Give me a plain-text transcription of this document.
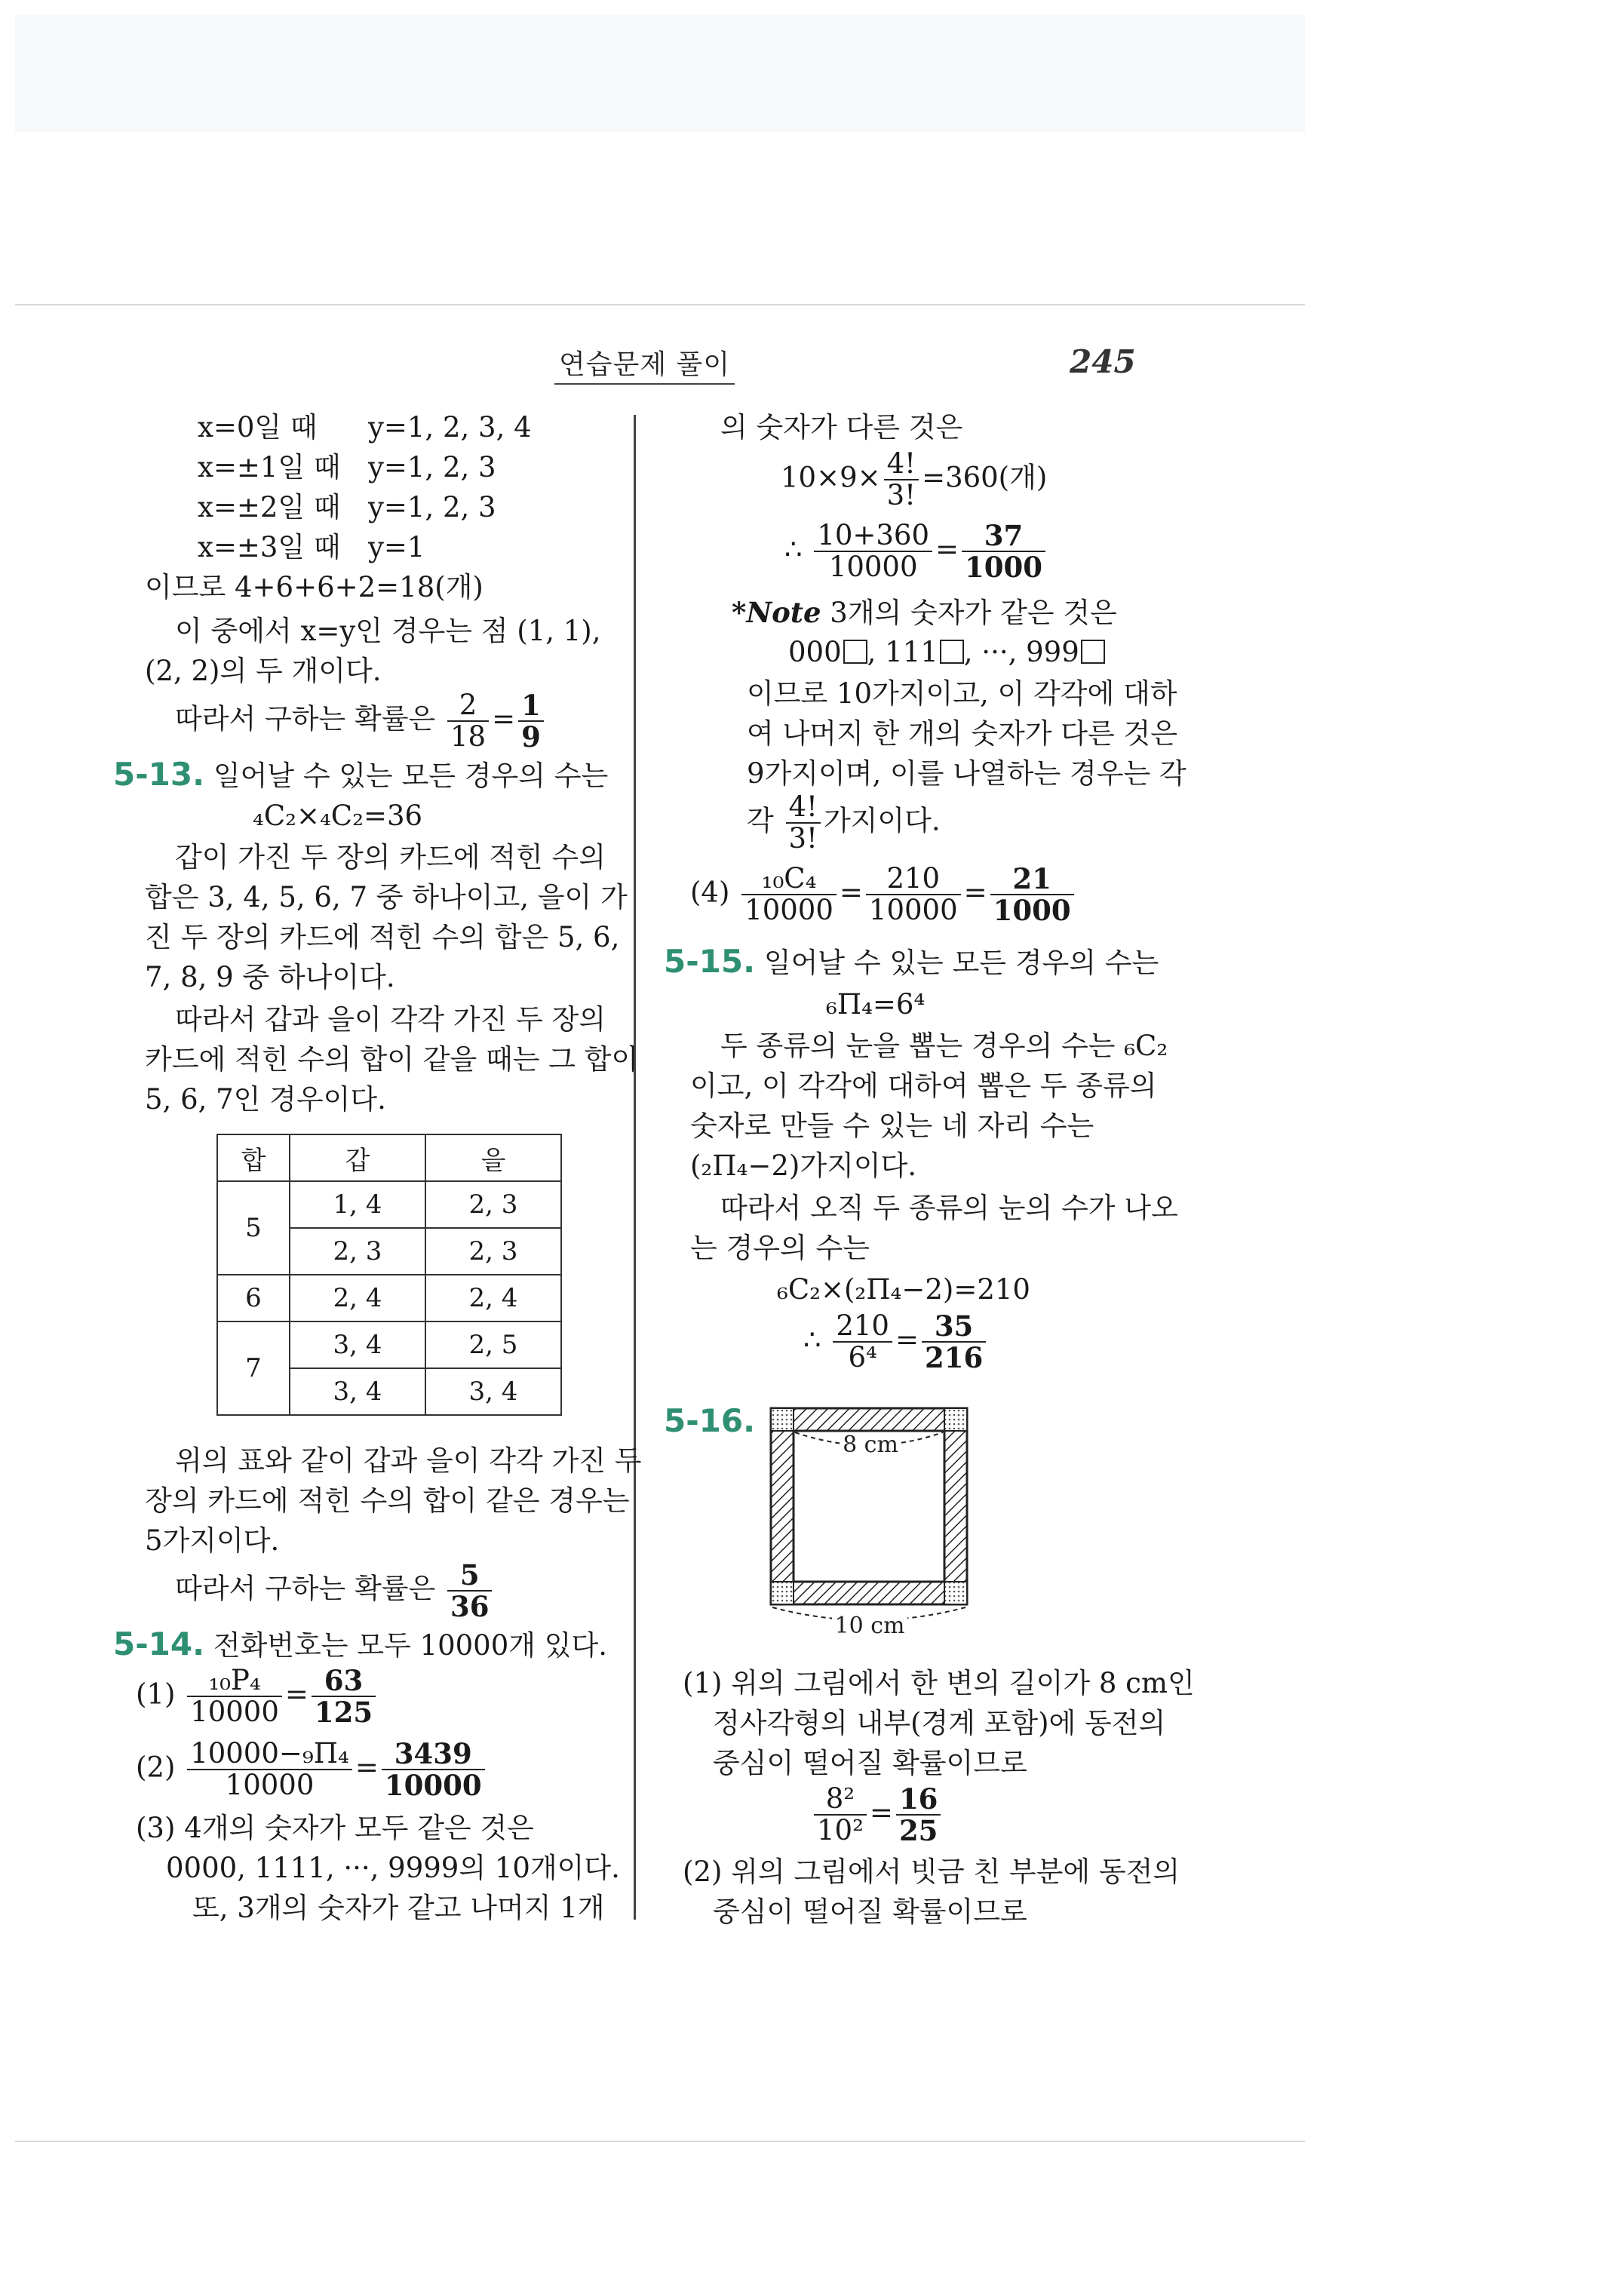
연습문제 풀이	245
x=0일 때 y=1, 2, 3, 4
x=±1일 때 y=1, 2, 3
x=±2일 때 y=1, 2, 3
x=±3일 때 y=1
이므로 4+6+6+2=18(개)
이 중에서 x=y인 경우는 점 (1, 1),
(2, 2)의 두 개이다.
따라서 구하는 확률은 $\frac{2}{18} = \frac{1}{9}$
5-13. 일어날 수 있는 모든 경우의 수는
₄C₂×₄C₂=36
갑이 가진 두 장의 카드에 적힌 수의
합은 3, 4, 5, 6, 7 중 하나이고, 을이 가
진 두 장의 카드에 적힌 수의 합은 5, 6,
7, 8, 9 중 하나이다.
따라서 갑과 을이 각각 가진 두 장의
카드에 적힌 수의 합이 같을 때는 그 합이
5, 6, 7인 경우이다.
합	갑	을
5	1, 4	2, 3
	2, 3	2, 3
6	2, 4	2, 4
7	3, 4	2, 5
	3, 4	3, 4
위의 표와 같이 갑과 을이 각각 가진 두
장의 카드에 적힌 수의 합이 같은 경우는
5가지이다.
따라서 구하는 확률은 $\frac{5}{36}$
5-14. 전화번호는 모두 10000개 있다.
$(1) \frac{\text{₁₀P₄}}{10000} = \frac{63}{125}$
$(2) \frac{\text{10000−₉Π₄}}{10000} = \frac{3439}{10000}$
(3) 4개의 숫자가 모두 같은 것은
0000, 1111, ···, 9999의 10개이다.
또, 3개의 숫자가 같고 나머지 1개
의 숫자가 다른 것은
$10\times 9\times \frac{4!}{3!} =360$(개)
∴ $\frac{10+360}{10000} = \frac{37}{1000}$
*Note 3개의 숫자가 같은 것은
000 , 111 , ···, 999
이므로 10가지이고, 이 각각에 대하
여 나머지 한 개의 숫자가 다른 것은
9가지이며, 이를 나열하는 경우는 각
각 $\frac{4!}{3!}$ 가지이다.
$(4) \frac{\text{₁₀C₄}}{10000} = \frac{210}{10000} = \frac{21}{1000}$
5-15. 일어날 수 있는 모든 경우의 수는
₆Π₄=6⁴
두 종류의 눈을 뽑는 경우의 수는 ₆C₂
이고, 이 각각에 대하여 뽑은 두 종류의
숫자로 만들 수 있는 네 자리 수는
(₂Π₄−2)가지이다.
따라서 오직 두 종류의 눈의 수가 나오
는 경우의 수는
₆C₂×(₂Π₄−2)=210
∴ $\frac{210}{\text{6⁴}} = \frac{35}{216}$
5-16.
8 cm
10 cm
(1) 위의 그림에서 한 변의 길이가 8 cm인
정사각형의 내부(경계 포함)에 동전의
중심이 떨어질 확률이므로
$\frac{\text{8²}}{\text{10²}} = \frac{16}{25}$
(2) 위의 그림에서 빗금 친 부분에 동전의
중심이 떨어질 확률이므로
